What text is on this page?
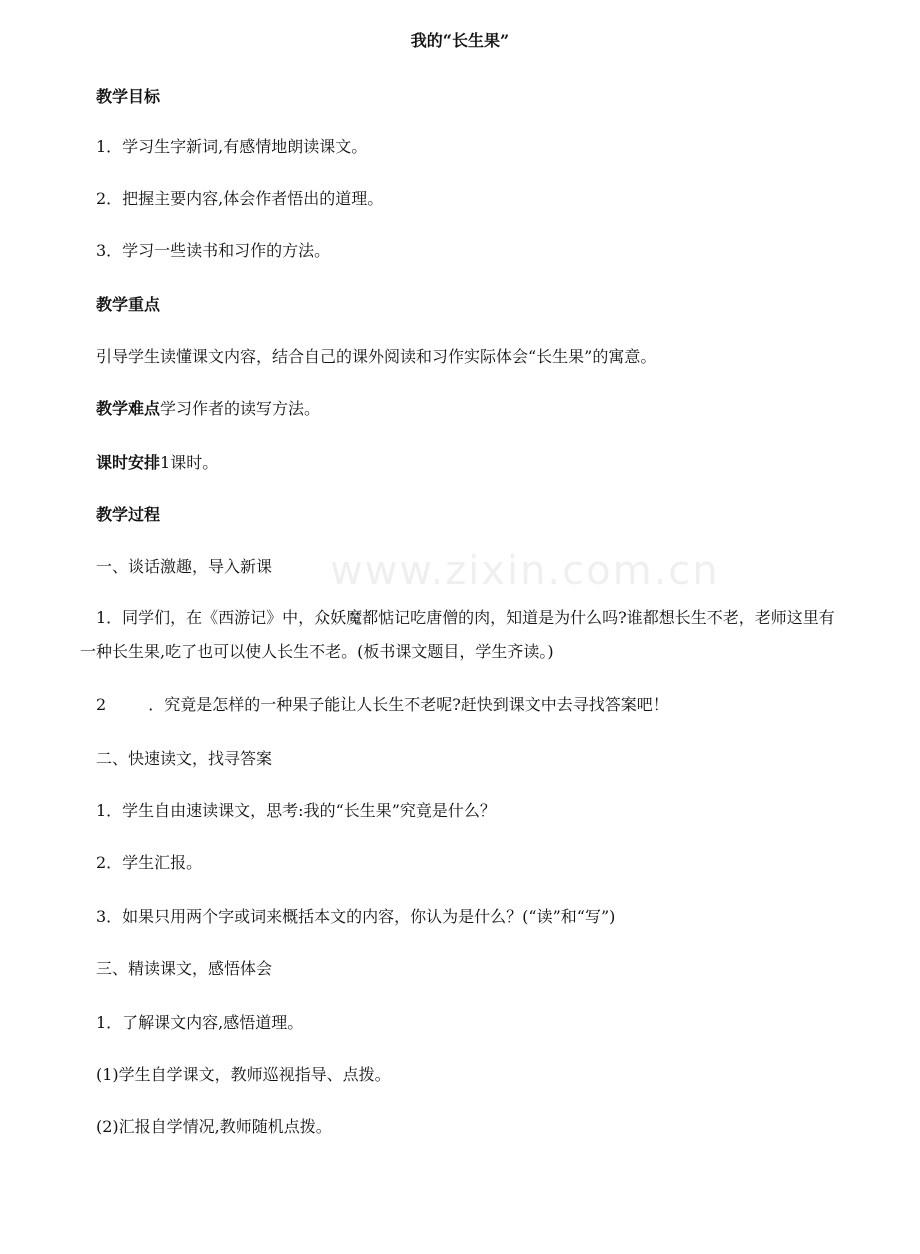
www.zixin.com.cn
我的“长生果”
教学目标
1．学习生字新词,有感情地朗读课文。
2．把握主要内容,体会作者悟出的道理。
3．学习一些读书和习作的方法。
教学重点
引导学生读懂课文内容，结合自己的课外阅读和习作实际体会“长生果”的寓意。
教学难点学习作者的读写方法。
课时安排1课时。
教学过程
一、谈话激趣，导入新课
1．同学们，在《西游记》中，众妖魔都惦记吃唐僧的肉，知道是为什么吗?谁都想长生不老，老师这里有一种长生果,吃了也可以使人长生不老。(板书课文题目，学生齐读。)
2	．究竟是怎样的一种果子能让人长生不老呢?赶快到课文中去寻找答案吧！
二、快速读文，找寻答案
1．学生自由速读课文，思考:我的“长生果”究竟是什么？
2．学生汇报。
3．如果只用两个字或词来概括本文的内容，你认为是什么？(“读”和“写”)
三、精读课文，感悟体会
1．了解课文内容,感悟道理。
(1)学生自学课文，教师巡视指导、点拨。
(2)汇报自学情况,教师随机点拨。
